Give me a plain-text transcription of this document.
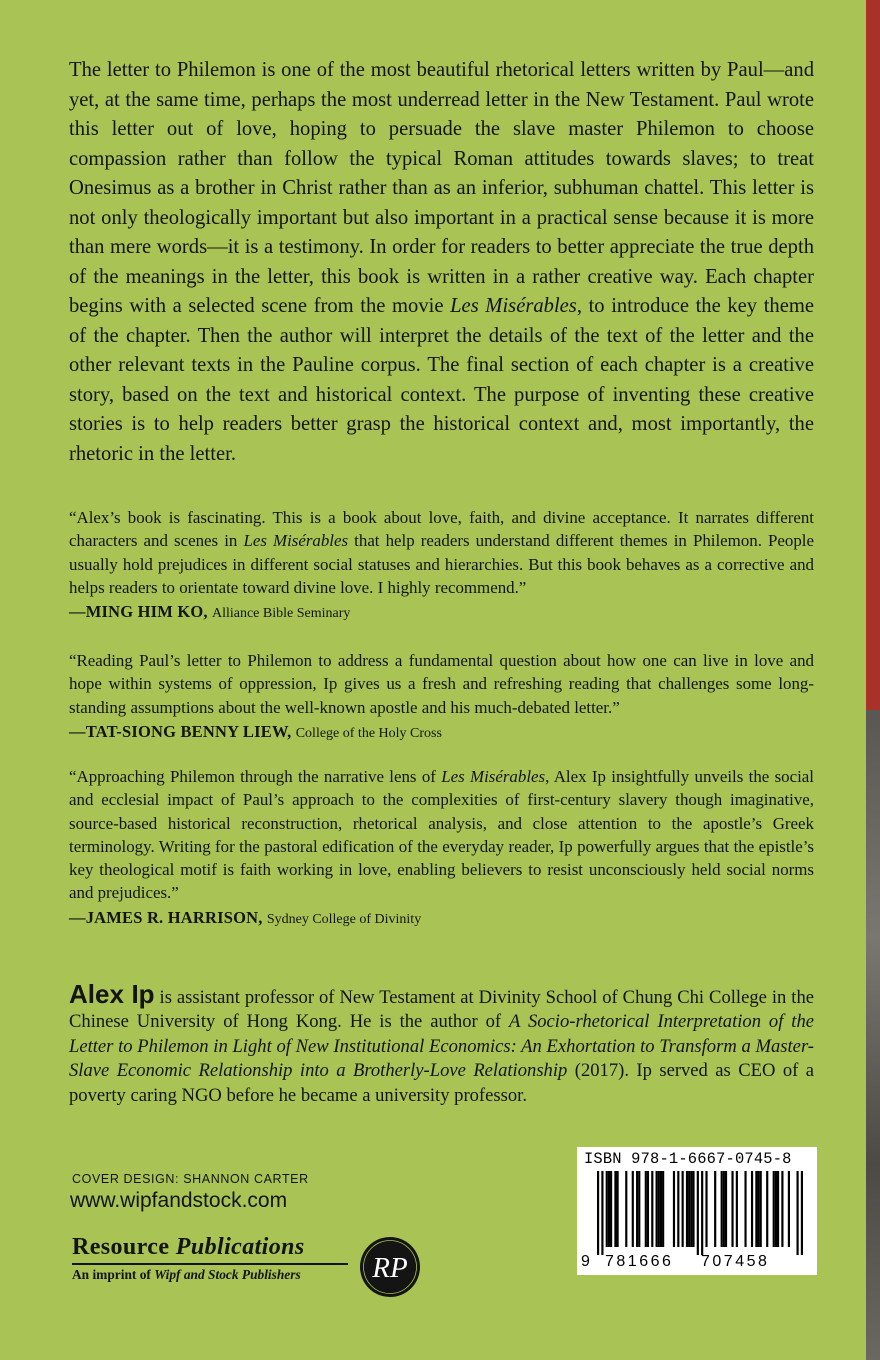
The letter to Philemon is one of the most beautiful rhetorical letters written by Paul—and yet, at the same time, perhaps the most underread letter in the New Testament. Paul wrote this letter out of love, hoping to persuade the slave master Philemon to choose compassion rather than follow the typical Roman attitudes towards slaves; to treat Onesimus as a brother in Christ rather than as an inferior, subhuman chattel. This letter is not only theologically important but also important in a practical sense because it is more than mere words—it is a testimony. In order for readers to better appreciate the true depth of the meanings in the letter, this book is written in a rather creative way. Each chapter begins with a selected scene from the movie Les Misérables, to introduce the key theme of the chapter. Then the author will interpret the details of the text of the letter and the other relevant texts in the Pauline corpus. The final section of each chapter is a creative story, based on the text and historical context. The purpose of inventing these creative stories is to help readers better grasp the historical context and, most importantly, the rhetoric in the letter.

“Alex’s book is fascinating. This is a book about love, faith, and divine acceptance. It narrates different characters and scenes in Les Misérables that help readers understand different themes in Philemon. People usually hold prejudices in different social statuses and hierarchies. But this book behaves as a corrective and helps readers to orientate toward divine love. I highly recommend.”
—MING HIM KO, Alliance Bible Seminary

“Reading Paul’s letter to Philemon to address a fundamental question about how one can live in love and hope within systems of oppression, Ip gives us a fresh and refreshing reading that challenges some long-standing assumptions about the well-known apostle and his much-debated letter.”
—TAT-SIONG BENNY LIEW, College of the Holy Cross

“Approaching Philemon through the narrative lens of Les Misérables, Alex Ip insightfully unveils the social and ecclesial impact of Paul’s approach to the complexities of first-century slavery though imaginative, source-based historical reconstruction, rhetorical analysis, and close attention to the apostle’s Greek terminology. Writing for the pastoral edification of the everyday reader, Ip powerfully argues that the epistle’s key theological motif is faith working in love, enabling believers to resist unconsciously held social norms and prejudices.”
—JAMES R. HARRISON, Sydney College of Divinity

Alex Ip is assistant professor of New Testament at Divinity School of Chung Chi College in the Chinese University of Hong Kong. He is the author of A Socio-rhetorical Interpretation of the Letter to Philemon in Light of New Institutional Economics: An Exhortation to Transform a Master-Slave Economic Relationship into a Brotherly-Love Relationship (2017). Ip served as CEO of a poverty caring NGO before he became a university professor.

COVER DESIGN: SHANNON CARTER

www.wipfandstock.com

Resource Publications
An imprint of Wipf and Stock Publishers	RP

ISBN 978-1-6667-0745-8

9 781666 707458
